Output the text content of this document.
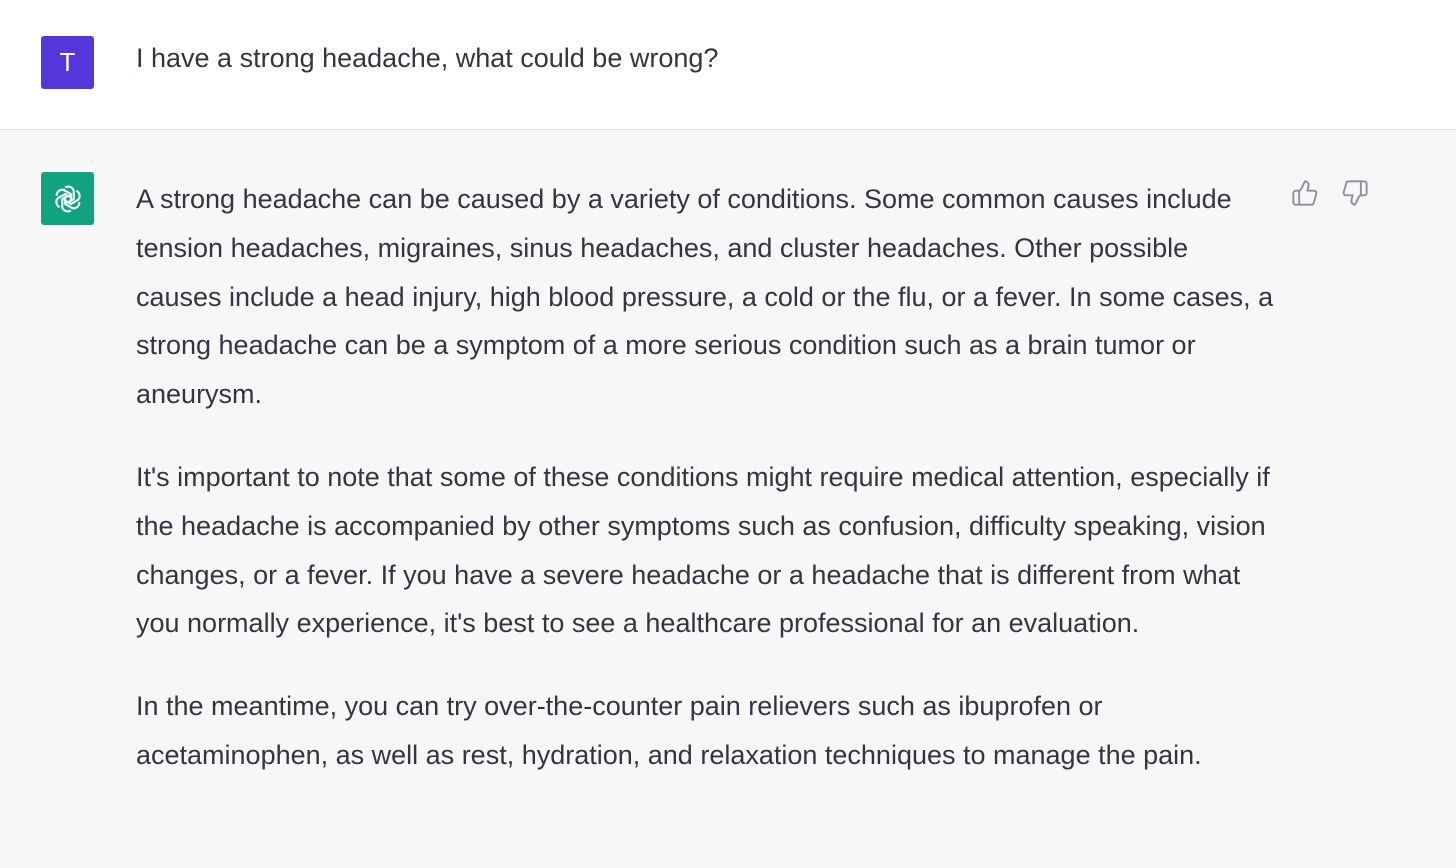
T	I have a strong headache, what could be wrong?

A strong headache can be caused by a variety of conditions. Some common causes include tension headaches, migraines, sinus headaches, and cluster headaches. Other possible causes include a head injury, high blood pressure, a cold or the flu, or a fever. In some cases, a strong headache can be a symptom of a more serious condition such as a brain tumor or aneurysm.

It's important to note that some of these conditions might require medical attention, especially if the headache is accompanied by other symptoms such as confusion, difficulty speaking, vision changes, or a fever. If you have a severe headache or a headache that is different from what you normally experience, it's best to see a healthcare professional for an evaluation.

In the meantime, you can try over-the-counter pain relievers such as ibuprofen or acetaminophen, as well as rest, hydration, and relaxation techniques to manage the pain.
